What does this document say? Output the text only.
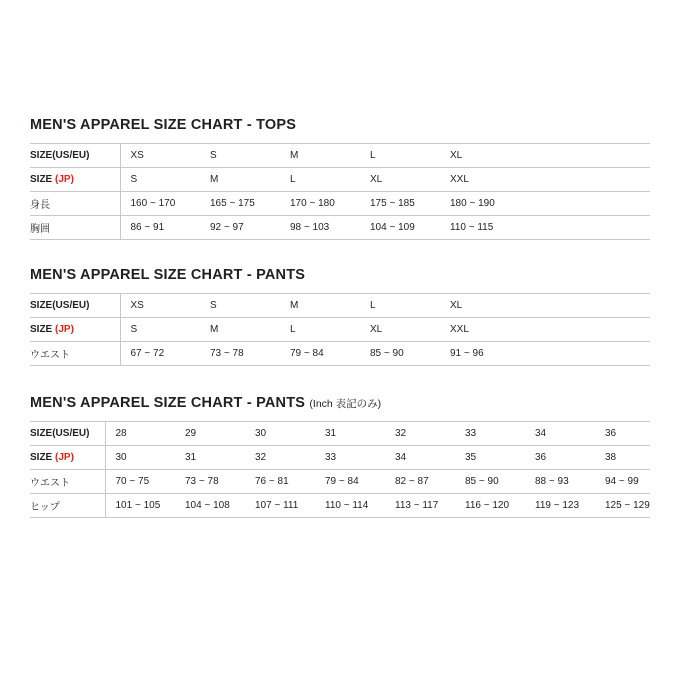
MEN'S APPAREL SIZE CHART - TOPS
SIZE(US/EU)	XS	S	M	L	XL	
SIZE (JP)	S	M	L	XL	XXL	
身長	160 ~ 170	165 ~ 175	170 ~ 180	175 ~ 185	180 ~ 190	
胸囲	86 ~ 91	92 ~ 97	98 ~ 103	104 ~ 109	110 ~ 115	
MEN'S APPAREL SIZE CHART - PANTS
SIZE(US/EU)	XS	S	M	L	XL	
SIZE (JP)	S	M	L	XL	XXL	
ウエスト	67 ~ 72	73 ~ 78	79 ~ 84	85 ~ 90	91 ~ 96	
MEN'S APPAREL SIZE CHART - PANTS (Inch 表記のみ)
SIZE(US/EU)	28	29	30	31	32	33	34	36
SIZE (JP)	30	31	32	33	34	35	36	38
ウエスト	70 ~ 75	73 ~ 78	76 ~ 81	79 ~ 84	82 ~ 87	85 ~ 90	88 ~ 93	94 ~ 99
ヒップ	101 ~ 105	104 ~ 108	107 ~ 111	110 ~ 114	113 ~ 117	116 ~ 120	119 ~ 123	125 ~ 129
